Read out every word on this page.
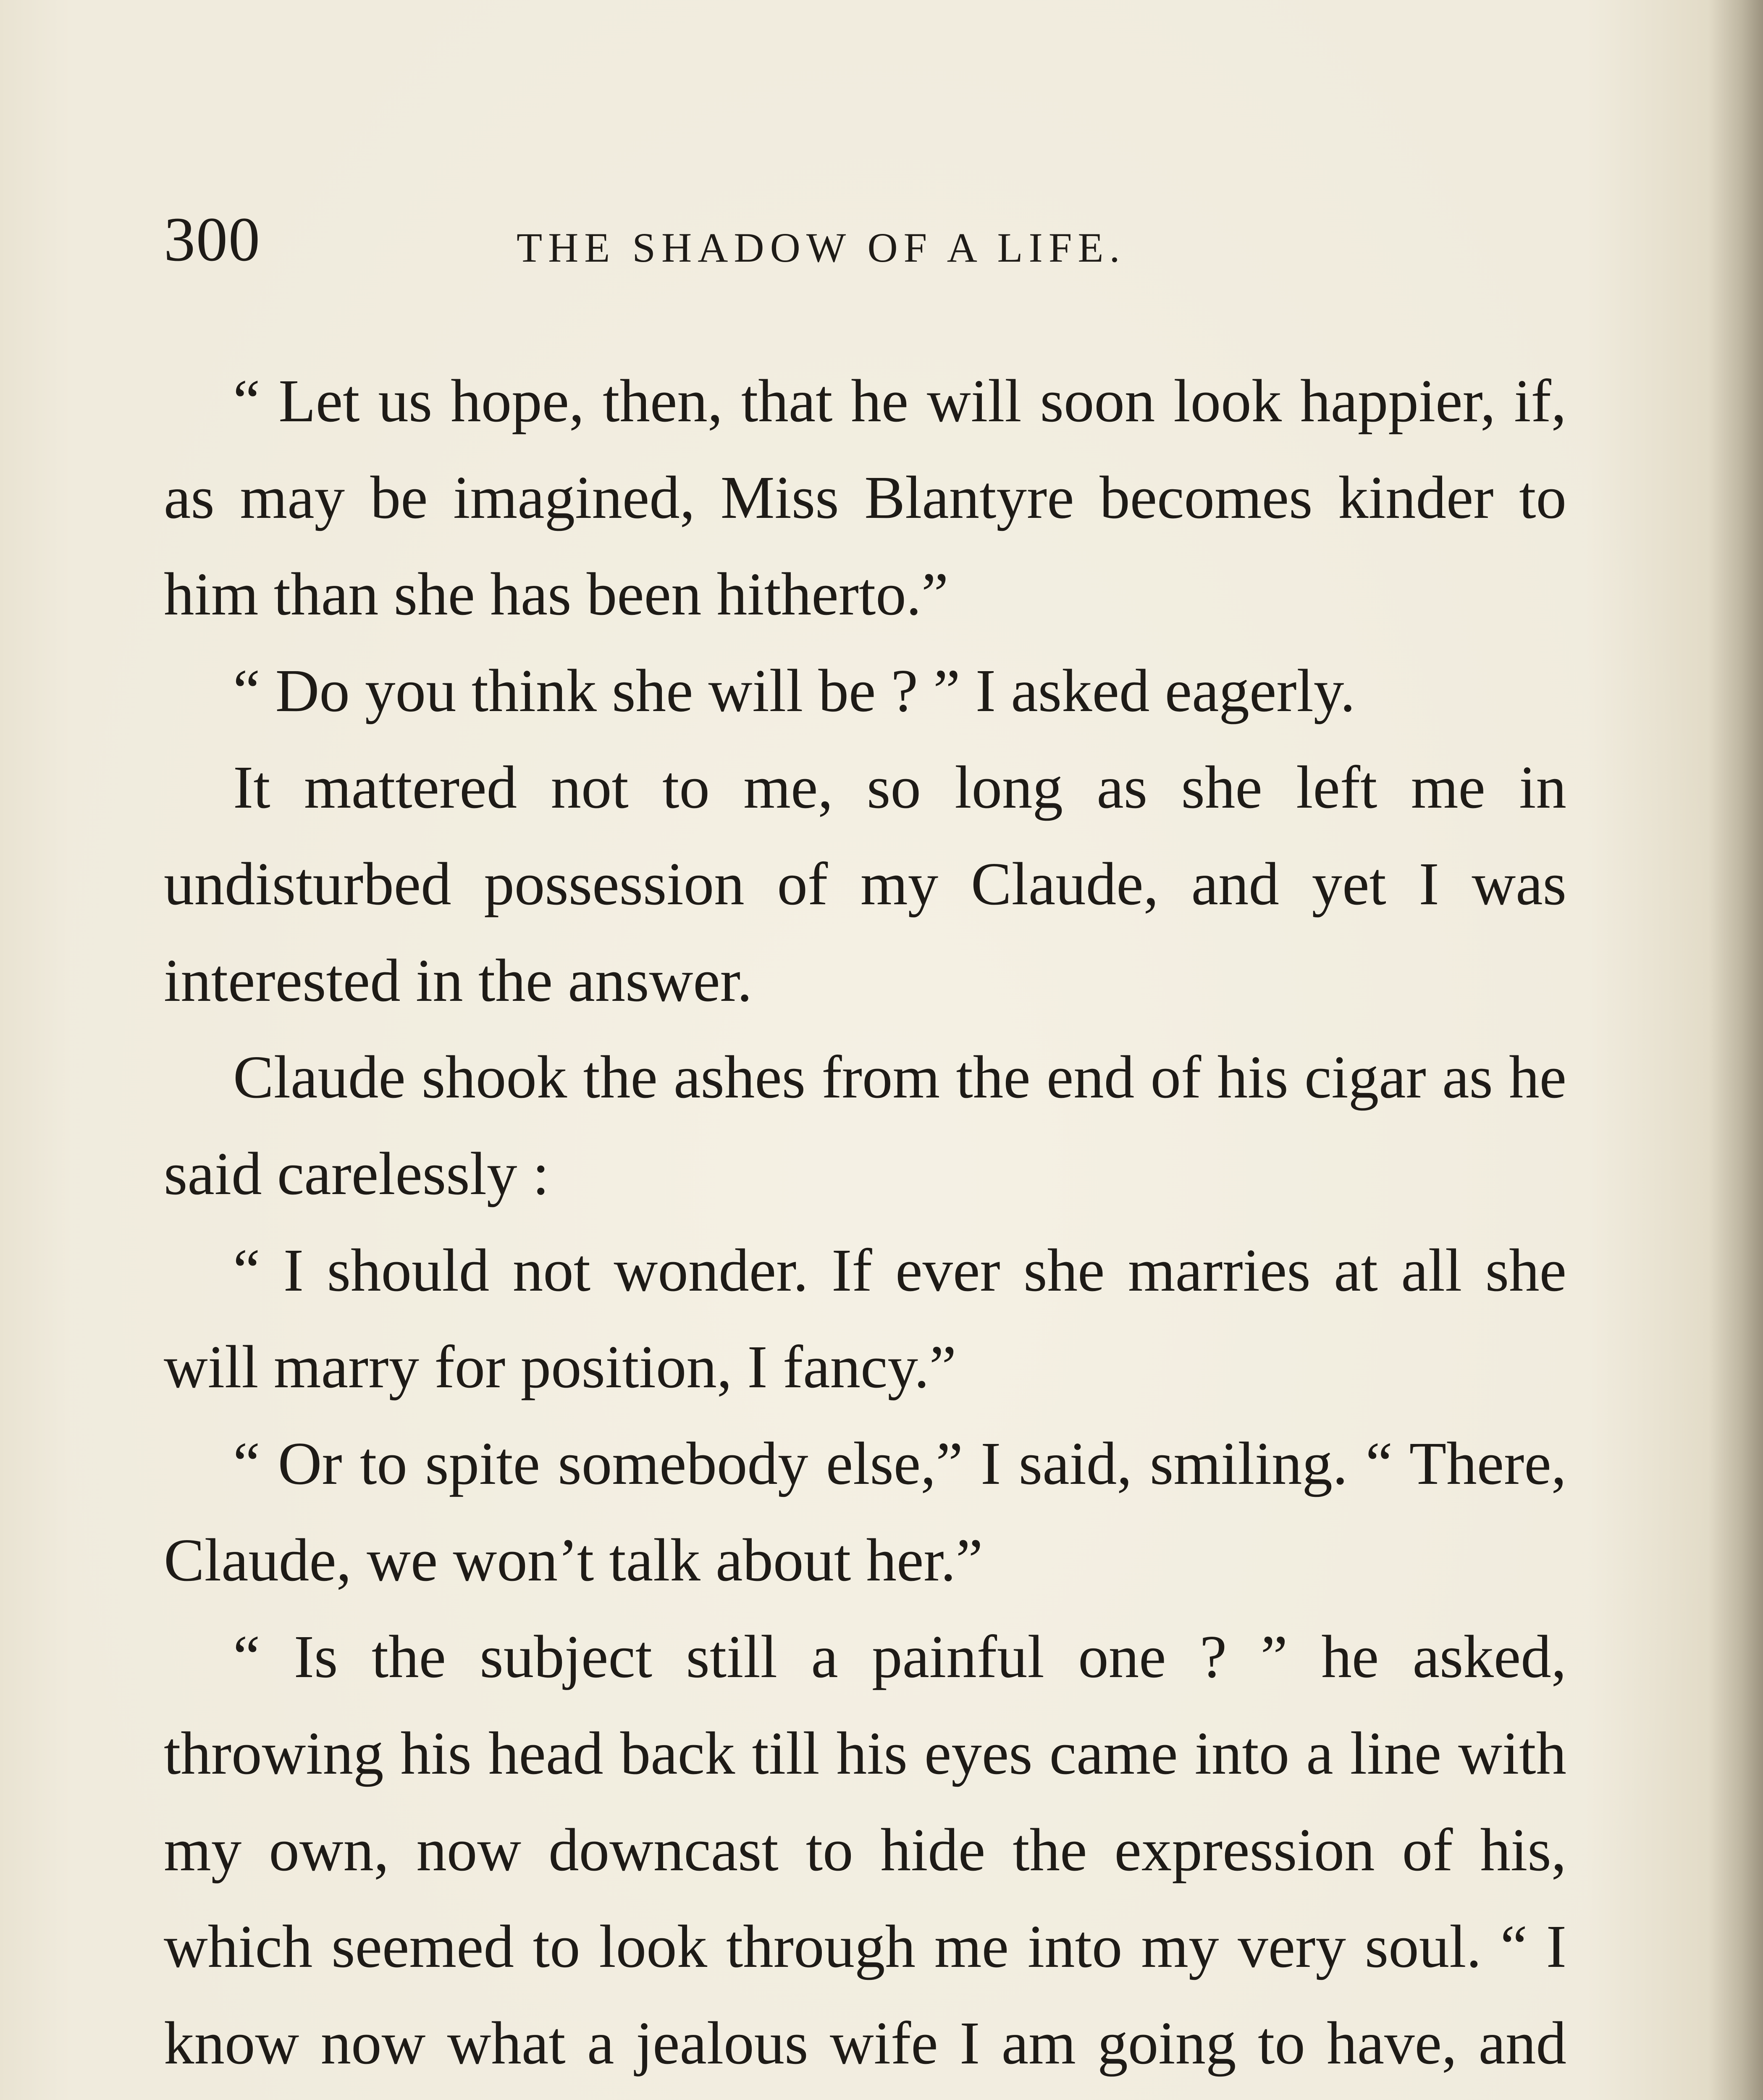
300	THE SHADOW OF A LIFE.

“ Let us hope, then, that he will soon look happier, if, as may be imagined, Miss Blantyre becomes kinder to him than she has been hitherto.”

“ Do you think she will be ? ” I asked eagerly.

It mattered not to me, so long as she left me in undisturbed possession of my Claude, and yet I was interested in the answer.

Claude shook the ashes from the end of his cigar as he said carelessly :

“ I should not wonder. If ever she marries at all she will marry for position, I fancy.”

“ Or to spite somebody else,” I said, smiling. “ There, Claude, we won’t talk about her.”

“ Is the subject still a painful one ? ” he asked, throwing his head back till his eyes came into a line with my own, now downcast to hide the expression of his, which seemed to look through me into my very soul. “ I know now what a jealous wife I am going to have, and
